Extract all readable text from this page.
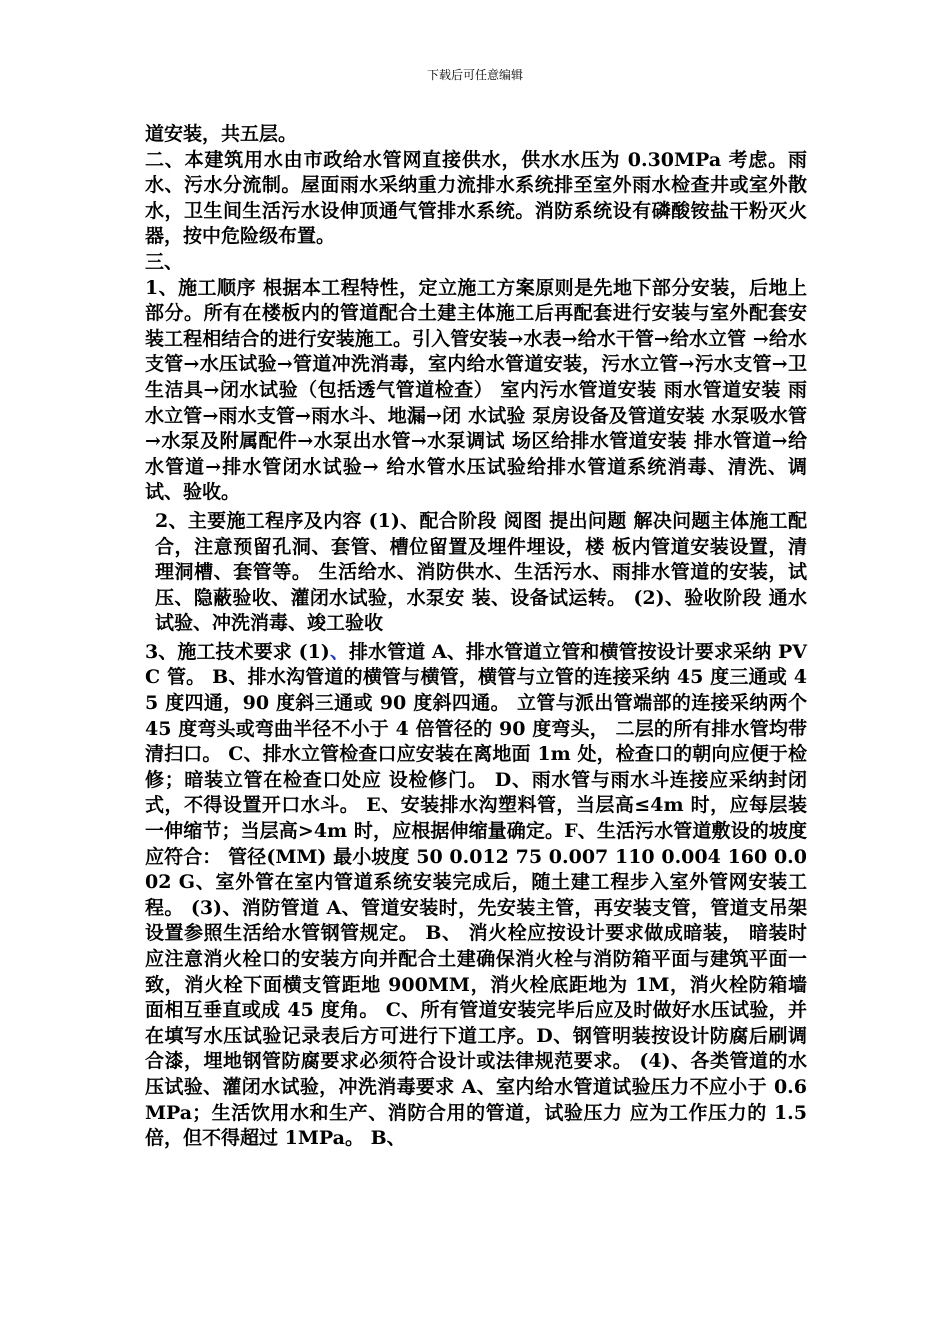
下载后可任意编辑

道安装，共五层。

二、本建筑用水由市政给水管网直接供水，供水水压为 0.30MPa 考虑。雨水、污水分流制。屋面雨水采纳重力流排水系统排至室外雨水检查井或室外散水，卫生间生活污水设伸顶通气管排水系统。消防系统设有磷酸铵盐干粉灭火器，按中危险级布置。

三、

1、施工顺序 根据本工程特性，定立施工方案原则是先地下部分安装，后地上部分。所有在楼板内的管道配合土建主体施工后再配套进行安装与室外配套安装工程相结合的进行安装施工。引入管安装→水表→给水干管→给水立管 →给水支管→水压试验→管道冲洗消毒，室内给水管道安装，污水立管→污水支管→卫生洁具→闭水试验（包括透气管道检查） 室内污水管道安装 雨水管道安装 雨水立管→雨水支管→雨水斗、地漏→闭 水试验 泵房设备及管道安装 水泵吸水管→水泵及附属配件→水泵出水管→水泵调试 场区给排水管道安装 排水管道→给水管道→排水管闭水试验→ 给水管水压试验给排水管道系统消毒、清洗、调试、验收。

2、主要施工程序及内容 (1)、配合阶段 阅图 提出问题 解决问题主体施工配合，注意预留孔洞、套管、槽位留置及埋件埋设，楼 板内管道安装设置，清理洞槽、套管等。 生活给水、消防供水、生活污水、雨排水管道的安装，试压、隐蔽验收、灌闭水试验，水泵安 装、设备试运转。 (2)、验收阶段 通水试验、冲洗消毒、竣工验收

3、施工技术要求 (1)、排水管道 A、排水管道立管和横管按设计要求采纳 PVC 管。 B、排水沟管道的横管与横管，横管与立管的连接采纳 45 度三通或 45 度四通，90 度斜三通或 90 度斜四通。 立管与派出管端部的连接采纳两个 45 度弯头或弯曲半径不小于 4 倍管径的 90 度弯头， 二层的所有排水管均带清扫口。 C、排水立管检查口应安装在离地面 1m 处，检查口的朝向应便于检修；暗装立管在检查口处应 设检修门。 D、雨水管与雨水斗连接应采纳封闭式，不得设置开口水斗。 E、安装排水沟塑料管，当层高≤4m 时，应每层装一伸缩节；当层高>4m 时，应根据伸缩量确定。F、生活污水管道敷设的坡度应符合： 管径(MM) 最小坡度 50 0.012 75 0.007 110 0.004 160 0.002 G、室外管在室内管道系统安装完成后，随土建工程步入室外管网安装工程。 (3)、消防管道 A、管道安装时，先安装主管，再安装支管，管道支吊架设置参照生活给水管钢管规定。 B、 消火栓应按设计要求做成暗装， 暗装时应注意消火栓口的安装方向并配合土建确保消火栓与消防箱平面与建筑平面一致，消火栓下面横支管距地 900MM，消火栓底距地为 1M，消火栓防箱墙 面相互垂直或成 45 度角。 C、所有管道安装完毕后应及时做好水压试验，并在填写水压试验记录表后方可进行下道工序。D、钢管明装按设计防腐后刷调合漆，埋地钢管防腐要求必须符合设计或法律规范要求。 (4)、各类管道的水压试验、灌闭水试验，冲洗消毒要求 A、室内给水管道试验压力不应小于 0.6MPa；生活饮用水和生产、消防合用的管道，试验压力 应为工作压力的 1.5 倍，但不得超过 1MPa。 B、
